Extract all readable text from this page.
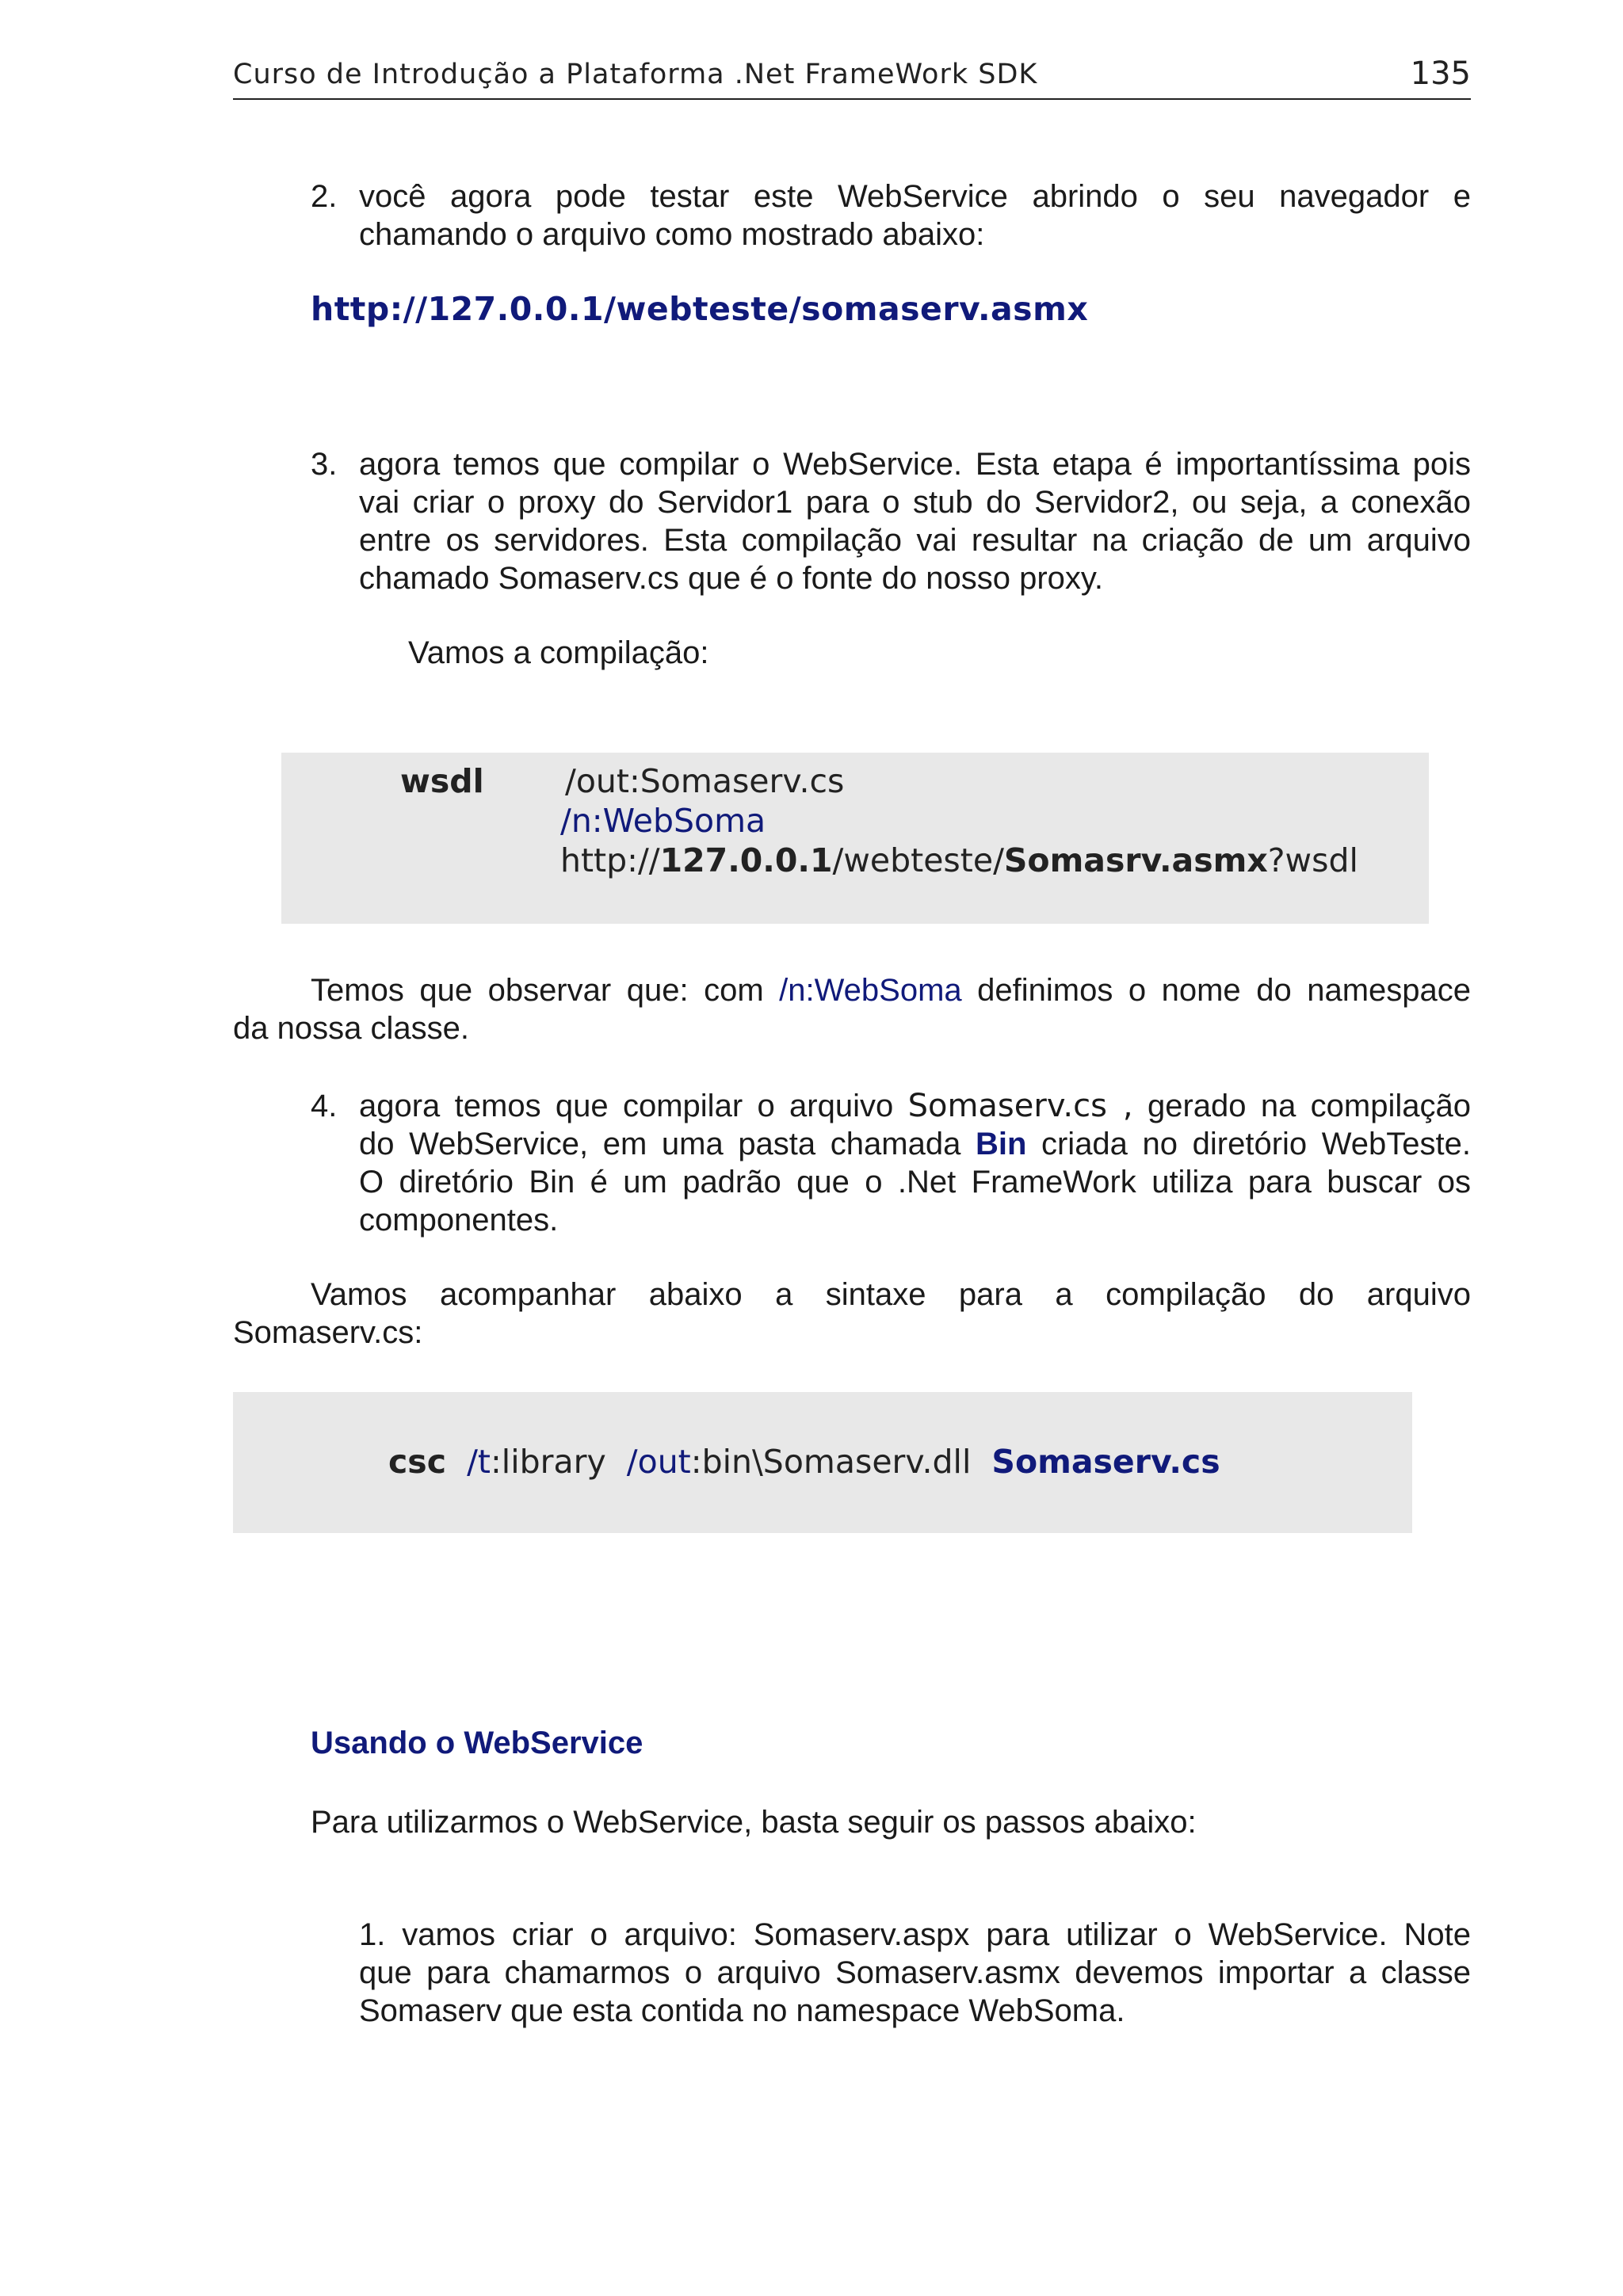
Curso de Introdução a Plataforma .Net FrameWork SDK	135
2. você agora pode testar este WebService abrindo o seu navegador e

chamando o arquivo como mostrado abaixo:

http://127.0.0.1/webteste/somaserv.asmx
3. agora temos que compilar o WebService. Esta etapa é importantíssima pois

vai criar o proxy do Servidor1 para o stub do Servidor2, ou seja, a conexão

entre os servidores. Esta compilação vai resultar na criação de um arquivo

chamado Somaserv.cs que é o fonte do nosso proxy.

Vamos a compilação:

wsdl /out:Somaserv.cs
/n:WebSoma
http://127.0.0.1/webteste/Somasrv.asmx?wsdl

Temos que observar que: com /n:WebSoma definimos o nome do namespace

da nossa classe.

4. agora temos que compilar o arquivo Somaserv.cs , gerado na compilação

do WebService, em uma pasta chamada Bin criada no diretório WebTeste.

O diretório Bin é um padrão que o .Net FrameWork utiliza para buscar os

componentes.

Vamos acompanhar abaixo a sintaxe para a compilação do arquivo

Somaserv.cs:

csc /t:library /out:bin\Somaserv.dll Somaserv.cs
Usando o WebService

Para utilizarmos o WebService, basta seguir os passos abaixo:

1. vamos criar o arquivo: Somaserv.aspx para utilizar o WebService. Note

que para chamarmos o arquivo Somaserv.asmx devemos importar a classe

Somaserv que esta contida no namespace WebSoma.
